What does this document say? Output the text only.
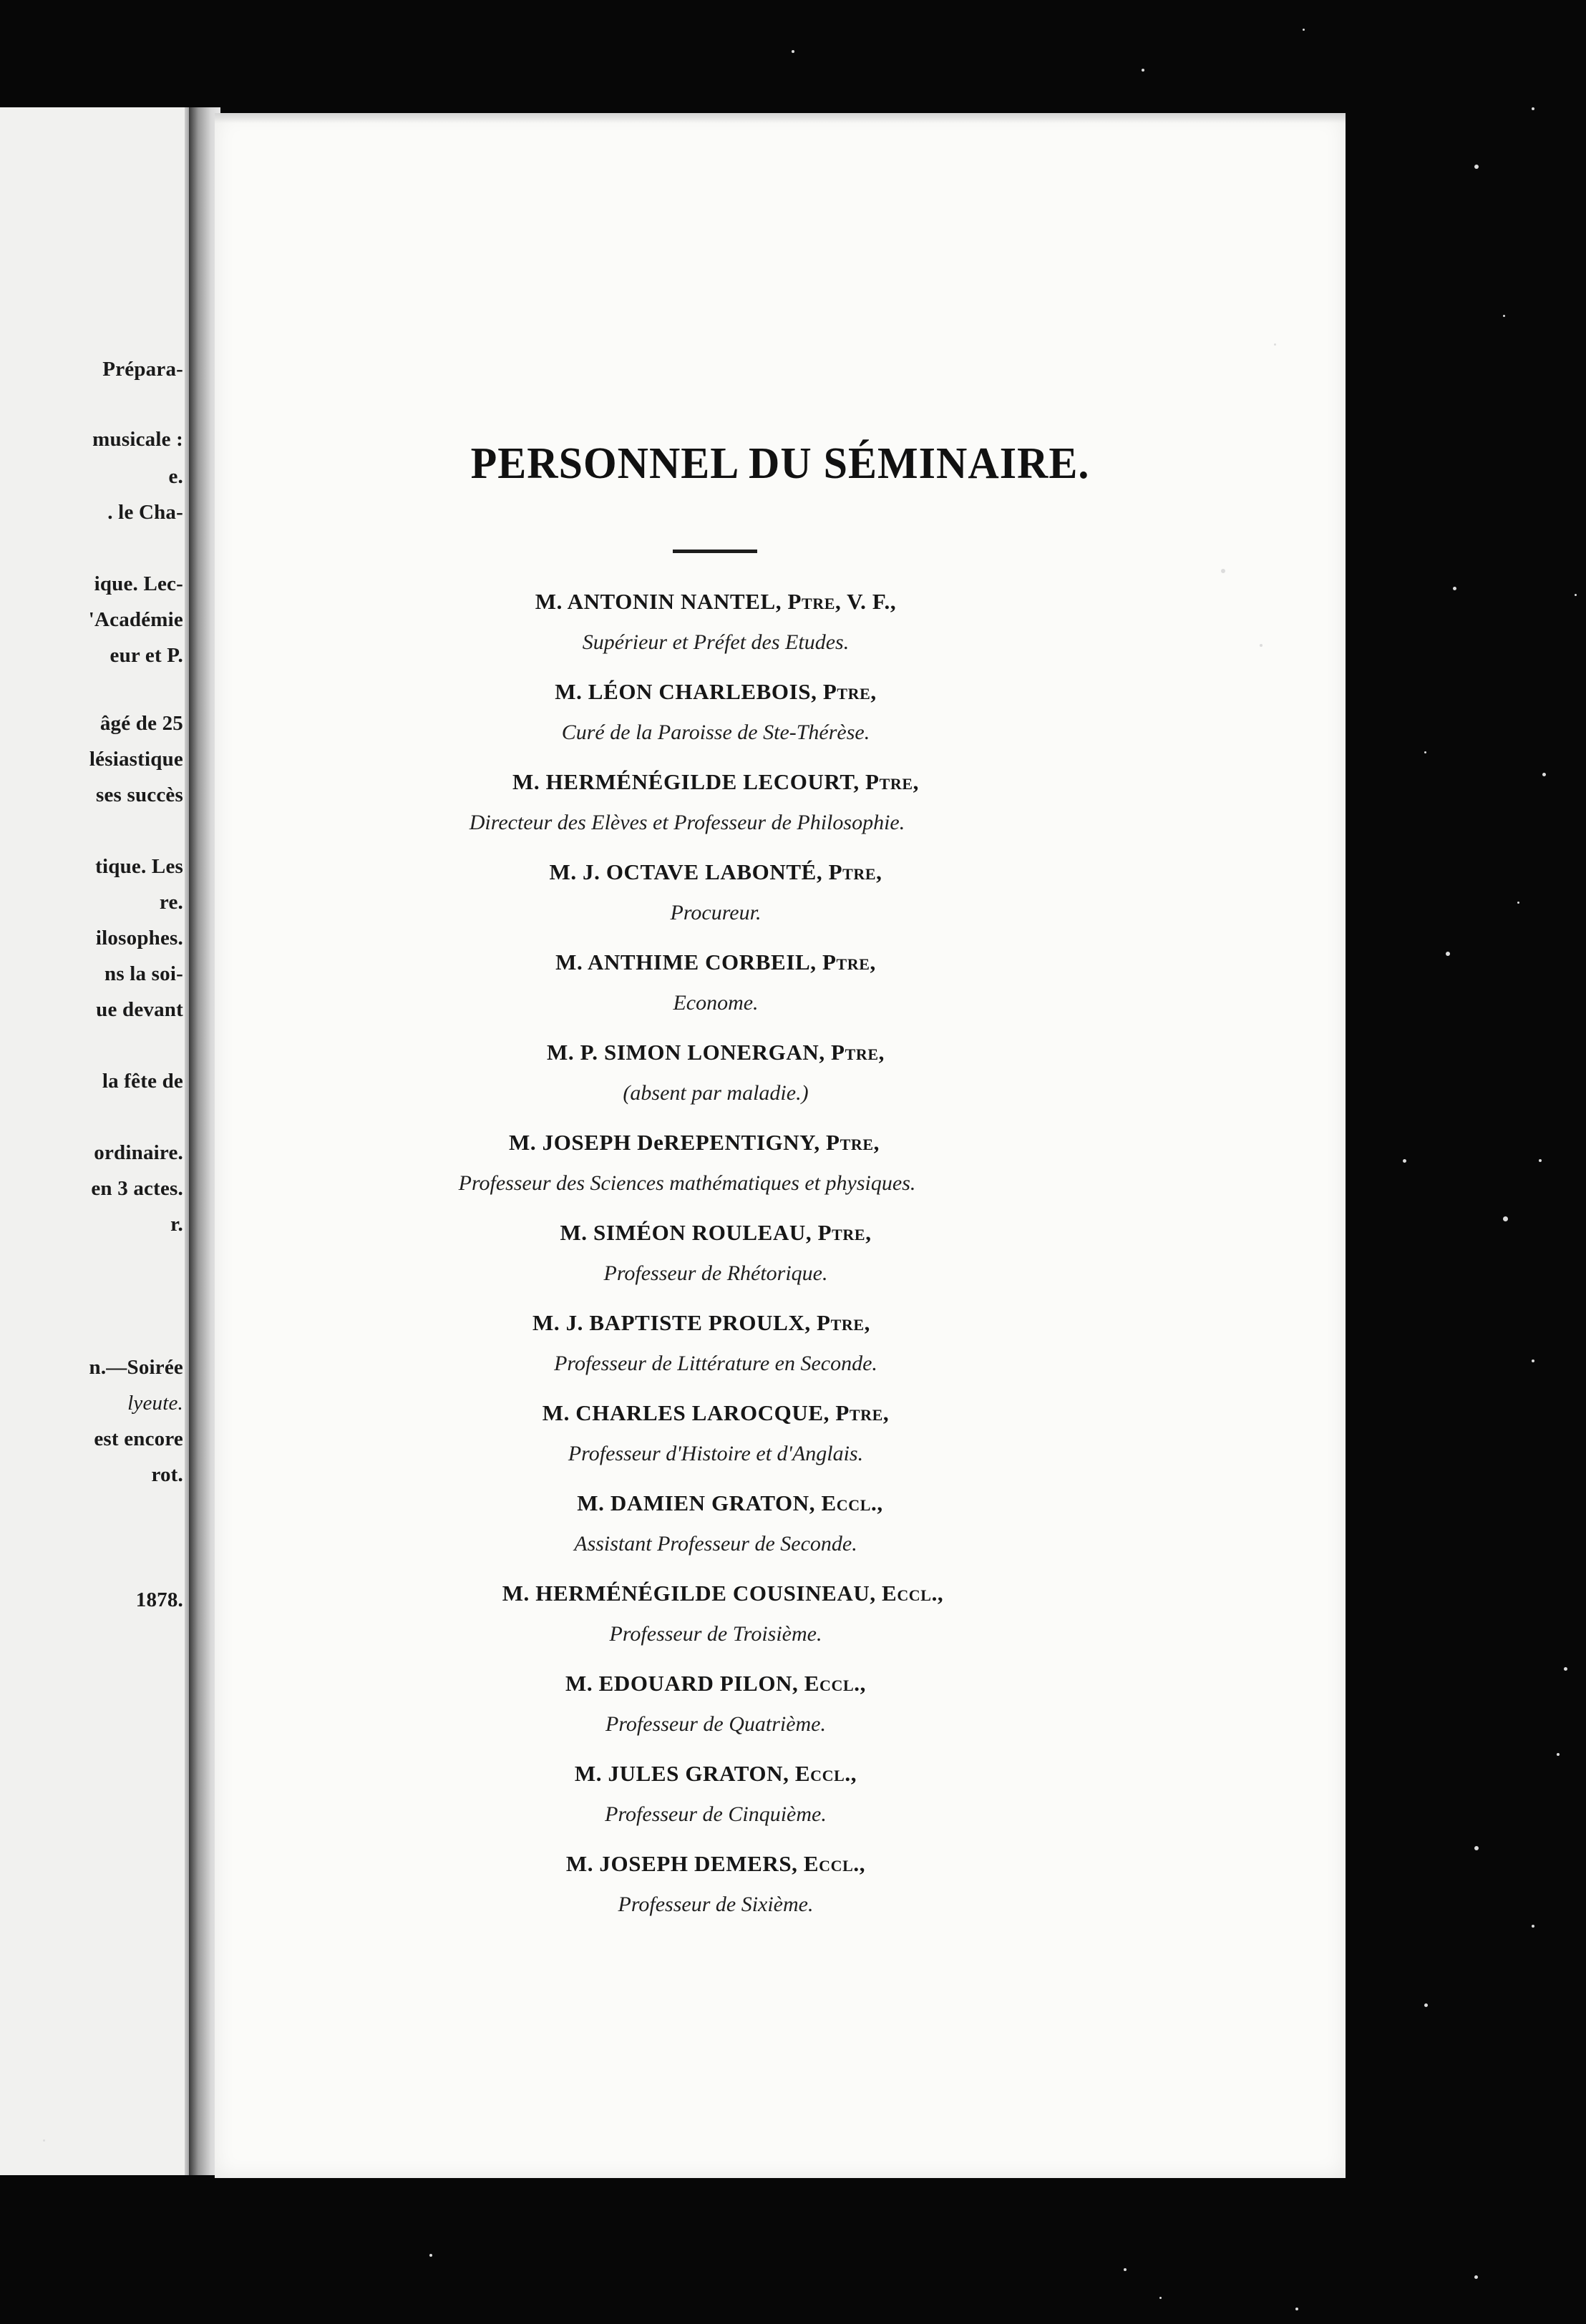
Prépara-
musicale :
e.
. le Cha-
ique. Lec-
'Académie
eur et P.
âgé de 25
lésiastique
ses succès
tique. Les
re.
ilosophes.
ns la soi-
ue devant
la fête de
ordinaire.
en 3 actes.
r.
n.—Soirée
lyeute.
est encore
rot.
1878.
PERSONNEL DU SÉMINAIRE.
M. ANTONIN NANTEL, Ptre, V. F.,
Supérieur et Préfet des Etudes.
M. LÉON CHARLEBOIS, Ptre,
Curé de la Paroisse de Ste-Thérèse.
M. HERMÉNÉGILDE LECOURT, Ptre,
Directeur des Elèves et Professeur de Philosophie.
M. J. OCTAVE LABONTÉ, Ptre,
Procureur.
M. ANTHIME CORBEIL, Ptre,
Econome.
M. P. SIMON LONERGAN, Ptre,
(absent par maladie.)
M. JOSEPH DeREPENTIGNY, Ptre,
Professeur des Sciences mathématiques et physiques.
M. SIMÉON ROULEAU, Ptre,
Professeur de Rhétorique.
M. J. BAPTISTE PROULX, Ptre,
Professeur de Littérature en Seconde.
M. CHARLES LAROCQUE, Ptre,
Professeur d'Histoire et d'Anglais.
M. DAMIEN GRATON, Eccl.,
Assistant Professeur de Seconde.
M. HERMÉNÉGILDE COUSINEAU, Eccl.,
Professeur de Troisième.
M. EDOUARD PILON, Eccl.,
Professeur de Quatrième.
M. JULES GRATON, Eccl.,
Professeur de Cinquième.
M. JOSEPH DEMERS, Eccl.,
Professeur de Sixième.
